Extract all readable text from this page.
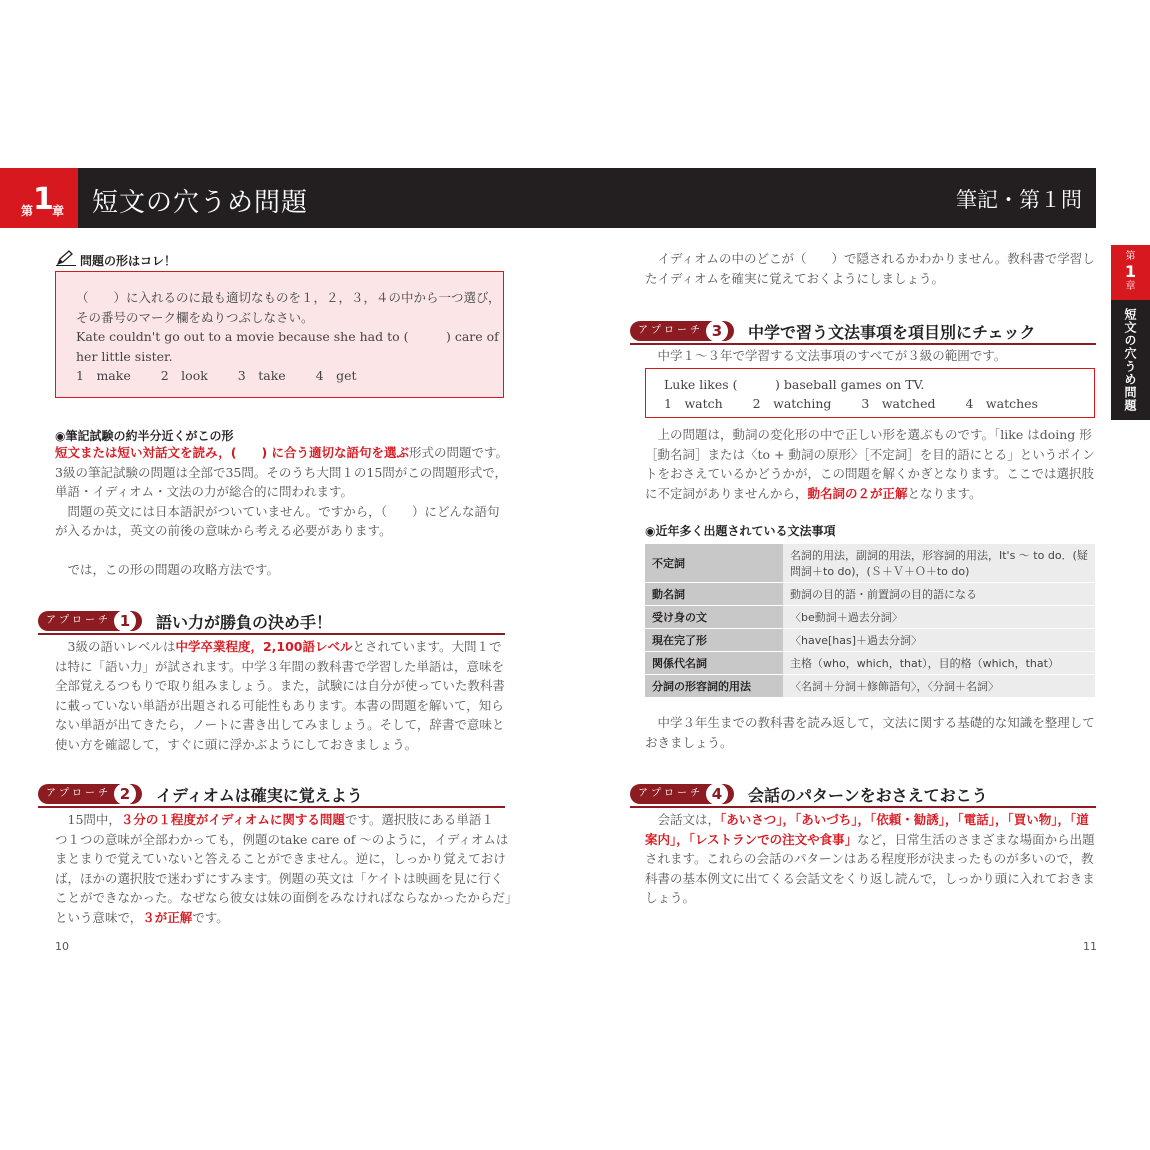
第 1
章 短文の穴うめ問題	筆記・第１問
第
1
章
短文の穴うめ問題
問題の形はコレ！
（　　）に入れるのに最も適切なものを１，２，３，４の中から一つ選び，
その番号のマーク欄をぬりつぶしなさい。
Kate couldn't go out to a movie because she had to (　　　) care of
her little sister.
1　make 2　look 3　take 4　get
◉筆記試験の約半分近くがこの形
短文または短い対話文を読み，(　　) に合う適切な語句を選ぶ形式の問題です。
3級の筆記試験の問題は全部で35問。そのうち大問１の15問がこの問題形式で，
単語・イディオム・文法の力が総合的に問われます。
　問題の英文には日本語訳がついていません。ですから，（　　）にどんな語句
が入るかは，英文の前後の意味から考える必要があります。
　では，この形の問題の攻略方法です。
アプローチ 1	語い力が勝負の決め手！
　3級の語いレベルは中学卒業程度，2,100語レベルとされています。大問１で
は特に「語い力」が試されます。中学３年間の教科書で学習した単語は，意味を
全部覚えるつもりで取り組みましょう。また，試験には自分が使っていた教科書
に載っていない単語が出題される可能性もあります。本書の問題を解いて，知ら
ない単語が出てきたら，ノートに書き出してみましょう。そして，辞書で意味と
使い方を確認して，すぐに頭に浮かぶようにしておきましょう。
アプローチ 2	イディオムは確実に覚えよう
　15問中，３分の１程度がイディオムに関する問題です。選択肢にある単語１
つ１つの意味が全部わかっても，例題のtake care of ～のように，イディオムは
まとまりで覚えていないと答えることができません。逆に，しっかり覚えておけ
ば，ほかの選択肢で迷わずにすみます。例題の英文は「ケイトは映画を見に行く
ことができなかった。なぜなら彼女は妹の面倒をみなければならなかったからだ」
という意味で，３が正解です。
10
　イディオムの中のどこが（　　）で隠されるかわかりません。教科書で学習し
たイディオムを確実に覚えておくようにしましょう。
アプローチ 3	中学で習う文法事項を項目別にチェック
　中学１～３年で学習する文法事項のすべてが３級の範囲です。
Luke likes (　　　) baseball games on TV.
1　watch 2　watching 3　watched 4　watches
　上の問題は，動詞の変化形の中で正しい形を選ぶものです。「like はdoing 形
［動名詞］または〈to + 動詞の原形〉［不定詞］を目的語にとる」というポイン
トをおさえているかどうかが，この問題を解くかぎとなります。ここでは選択肢
に不定詞がありませんから，動名詞の２が正解となります。
◉近年多く出題されている文法事項
不定詞	名詞的用法，副詞的用法，形容詞的用法，It's ～ to do．(疑
問詞＋to do)，(Ｓ＋Ｖ＋Ｏ＋to do)

動名詞	動詞の目的語・前置詞の目的語になる
受け身の文	〈be動詞＋過去分詞〉
現在完了形	〈have[has]＋過去分詞〉
関係代名詞	主格（who，which，that），目的格（which，that）
分詞の形容詞的用法	〈名詞＋分詞＋修飾語句〉，〈分詞＋名詞〉
　中学３年生までの教科書を読み返して，文法に関する基礎的な知識を整理して
おきましょう。
アプローチ 4	会話のパターンをおさえておこう
　会話文は，「あいさつ」，「あいづち」，「依頼・勧誘」，「電話」，「買い物」，「道
案内」，「レストランでの注文や食事」など，日常生活のさまざまな場面から出題
されます。これらの会話のパターンはある程度形が決まったものが多いので，教
科書の基本例文に出てくる会話文をくり返し読んで，しっかり頭に入れておきま
しょう。
11
